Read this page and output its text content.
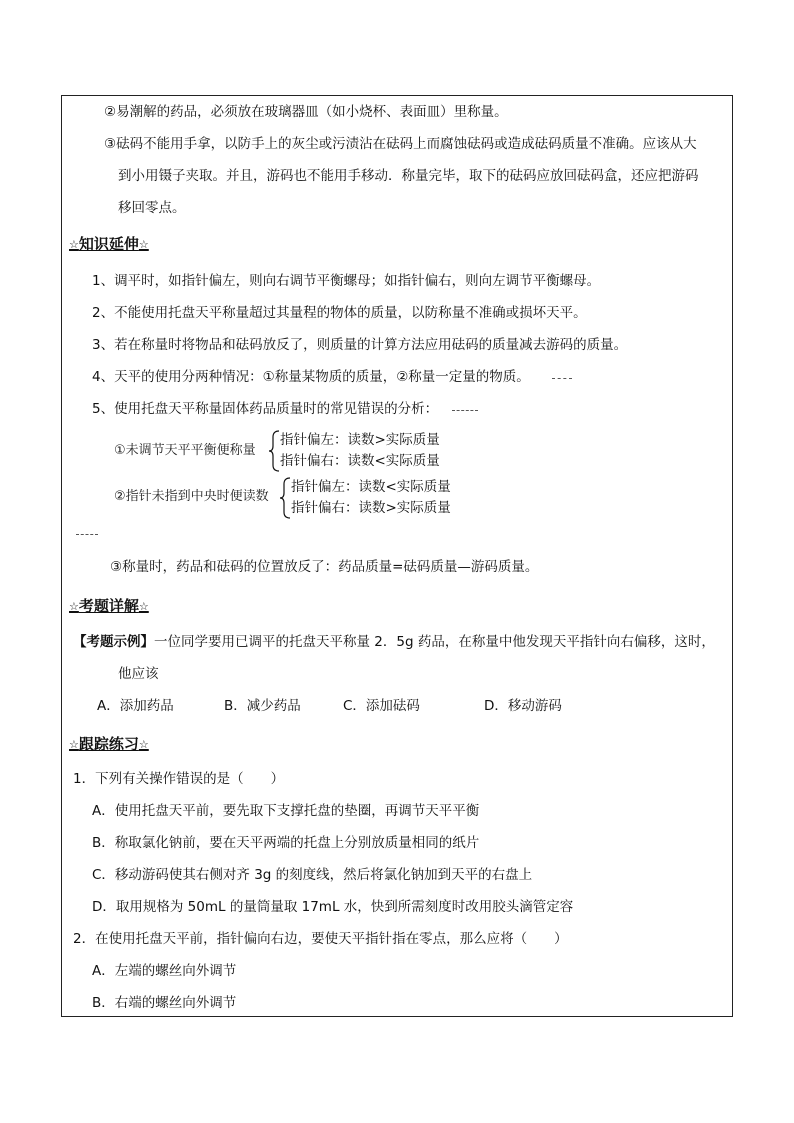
②易潮解的药品，必须放在玻璃器皿（如小烧杯、表面皿）里称量。
③砝码不能用手拿，以防手上的灰尘或污渍沾在砝码上而腐蚀砝码或造成砝码质量不准确。应该从大
到小用镊子夹取。并且，游码也不能用手移动．称量完毕，取下的砝码应放回砝码盒，还应把游码
移回零点。
☆知识延伸☆
1、调平时，如指针偏左，则向右调节平衡螺母；如指针偏右，则向左调节平衡螺母。
2、不能使用托盘天平称量超过其量程的物体的质量，以防称量不准确或损坏天平。
3、若在称量时将物品和砝码放反了，则质量的计算方法应用砝码的质量减去游码的质量。
4、天平的使用分两种情况：①称量某物质的质量，②称量一定量的物质。
5、使用托盘天平称量固体药品质量时的常见错误的分析：
①未调节天平平衡便称量
指针偏左：读数>实际质量
指针偏右：读数<实际质量
②指针未指到中央时便读数
指针偏左：读数<实际质量
指针偏右：读数>实际质量
③称量时，药品和砝码的位置放反了：药品质量=砝码质量—游码质量。
☆考题详解☆
【考题示例】一位同学要用已调平的托盘天平称量 2．5g 药品，在称量中他发现天平指针向右偏移，这时，
他应该
A．添加药品	B．减少药品	C．添加砝码	D．移动游码
☆跟踪练习☆
1．下列有关操作错误的是（　　）
A．使用托盘天平前，要先取下支撑托盘的垫圈，再调节天平平衡
B．称取氯化钠前，要在天平两端的托盘上分别放质量相同的纸片
C．移动游码使其右侧对齐 3g 的刻度线，然后将氯化钠加到天平的右盘上
D．取用规格为 50mL 的量筒量取 17mL 水，快到所需刻度时改用胶头滴管定容
2．在使用托盘天平前，指针偏向右边，要使天平指针指在零点，那么应将（　　）
A．左端的螺丝向外调节
B．右端的螺丝向外调节
